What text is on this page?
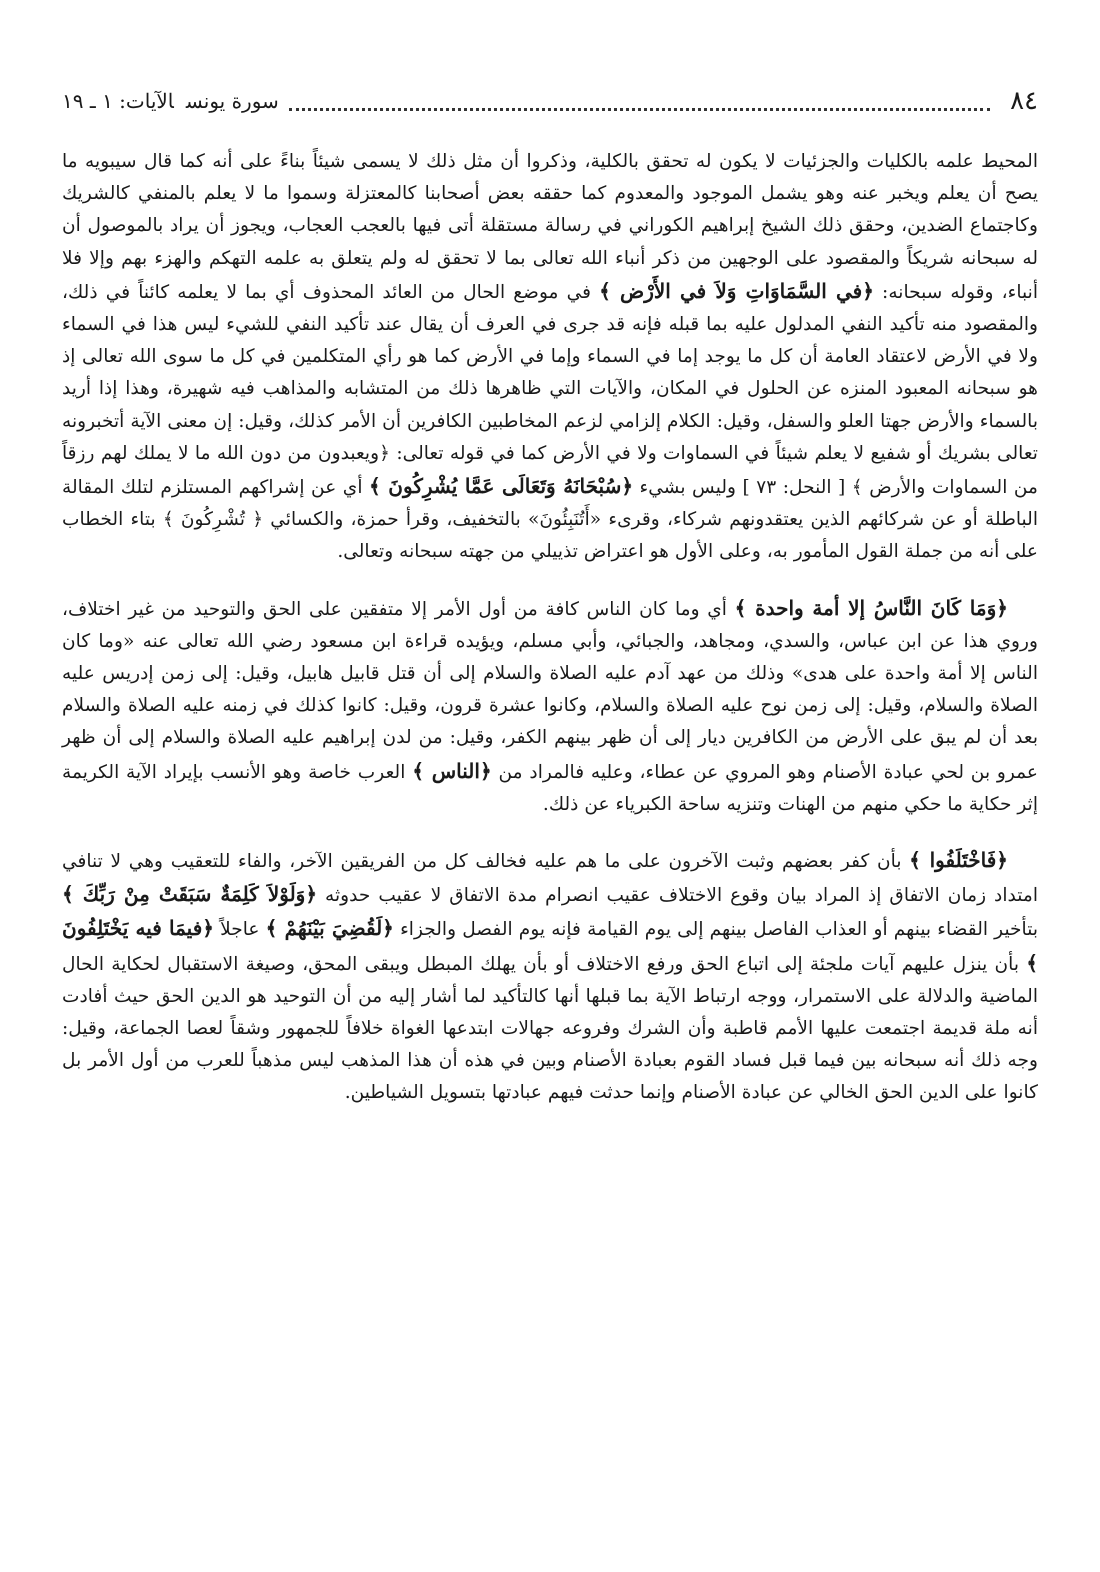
٨٤
سورة يونسالآيات: ١ ـ ١٩

المحيط علمه بالكليات والجزئيات لا يكون له تحقق بالكلية، وذكروا أن مثل ذلك لا يسمى شيئاً بناءً على أنه كما قال سيبويه ما يصح أن يعلم ويخبر عنه وهو يشمل الموجود والمعدوم كما حققه بعض أصحابنا كالمعتزلة وسموا ما لا يعلم بالمنفي كالشريك وكاجتماع الضدين، وحقق ذلك الشيخ إبراهيم الكوراني في رسالة مستقلة أتى فيها بالعجب العجاب، ويجوز أن يراد بالموصول أن له سبحانه شريكاً والمقصود على الوجهين من ذكر أنباء الله تعالى بما لا تحقق له ولم يتعلق به علمه التهكم والهزء بهم وإلا فلا أنباء، وقوله سبحانه: ﴿في السَّمَاوَاتِ وَلاَ في الأَرْض ﴾ في موضع الحال من العائد المحذوف أي بما لا يعلمه كائناً في ذلك، والمقصود منه تأكيد النفي المدلول عليه بما قبله فإنه قد جرى في العرف أن يقال عند تأكيد النفي للشيء ليس هذا في السماء ولا في الأرض لاعتقاد العامة أن كل ما يوجد إما في السماء وإما في الأرض كما هو رأي المتكلمين في كل ما سوى الله تعالى إذ هو سبحانه المعبود المنزه عن الحلول في المكان، والآيات التي ظاهرها ذلك من المتشابه والمذاهب فيه شهيرة، وهذا إذا أريد بالسماء والأرض جهتا العلو والسفل، وقيل: الكلام إلزامي لزعم المخاطبين الكافرين أن الأمر كذلك، وقيل: إن معنى الآية أتخبرونه تعالى بشريك أو شفيع لا يعلم شيئاً في السماوات ولا في الأرض كما في قوله تعالى: ﴿ويعبدون من دون الله ما لا يملك لهم رزقاً من السماوات والأرض ﴾ [ النحل: ٧٣ ] وليس بشيء ﴿سُبْحَانَهُ وَتَعَالَى عَمَّا يُشْرِكُونَ ﴾ أي عن إشراكهم المستلزم لتلك المقالة الباطلة أو عن شركائهم الذين يعتقدونهم شركاء، وقرىء «أَتُنَبِئُونَ» بالتخفيف، وقرأ حمزة، والكسائي ﴿ تُشْرِكُونَ ﴾ بتاء الخطاب على أنه من جملة القول المأمور به، وعلى الأول هو اعتراض تذييلي من جهته سبحانه وتعالى.

﴿وَمَا كَانَ النَّاسُ إلا أمة واحدة ﴾ أي وما كان الناس كافة من أول الأمر إلا متفقين على الحق والتوحيد من غير اختلاف، وروي هذا عن ابن عباس، والسدي، ومجاهد، والجبائي، وأبي مسلم، ويؤيده قراءة ابن مسعود رضي الله تعالى عنه «وما كان الناس إلا أمة واحدة على هدى» وذلك من عهد آدم عليه الصلاة والسلام إلى أن قتل قابيل هابيل، وقيل: إلى زمن إدريس عليه الصلاة والسلام، وقيل: إلى زمن نوح عليه الصلاة والسلام، وكانوا عشرة قرون، وقيل: كانوا كذلك في زمنه عليه الصلاة والسلام بعد أن لم يبق على الأرض من الكافرين ديار إلى أن ظهر بينهم الكفر، وقيل: من لدن إبراهيم عليه الصلاة والسلام إلى أن ظهر عمرو بن لحي عبادة الأصنام وهو المروي عن عطاء، وعليه فالمراد من ﴿الناس ﴾ العرب خاصة وهو الأنسب بإيراد الآية الكريمة إثر حكاية ما حكي منهم من الهنات وتنزيه ساحة الكبرياء عن ذلك.

﴿فَاخْتَلَفُوا ﴾ بأن كفر بعضهم وثبت الآخرون على ما هم عليه فخالف كل من الفريقين الآخر، والفاء للتعقيب وهي لا تنافي امتداد زمان الاتفاق إذ المراد بيان وقوع الاختلاف عقيب انصرام مدة الاتفاق لا عقيب حدوثه ﴿وَلَوْلاَ كَلِمَةٌ سَبَقَتْ مِنْ رَبِّكَ ﴾ بتأخير القضاء بينهم أو العذاب الفاصل بينهم إلى يوم القيامة فإنه يوم الفصل والجزاء ﴿لَقُضِيَ بَيْنَهُمْ ﴾ عاجلاً ﴿فيمَا فيه يَخْتَلِفُونَ ﴾ بأن ينزل عليهم آيات ملجئة إلى اتباع الحق ورفع الاختلاف أو بأن يهلك المبطل ويبقى المحق، وصيغة الاستقبال لحكاية الحال الماضية والدلالة على الاستمرار، ووجه ارتباط الآية بما قبلها أنها كالتأكيد لما أشار إليه من أن التوحيد هو الدين الحق حيث أفادت أنه ملة قديمة اجتمعت عليها الأمم قاطبة وأن الشرك وفروعه جهالات ابتدعها الغواة خلافاً للجمهور وشقاً لعصا الجماعة، وقيل: وجه ذلك أنه سبحانه بين فيما قبل فساد القوم بعبادة الأصنام وبين في هذه أن هذا المذهب ليس مذهباً للعرب من أول الأمر بل كانوا على الدين الحق الخالي عن عبادة الأصنام وإنما حدثت فيهم عبادتها بتسويل الشياطين.
